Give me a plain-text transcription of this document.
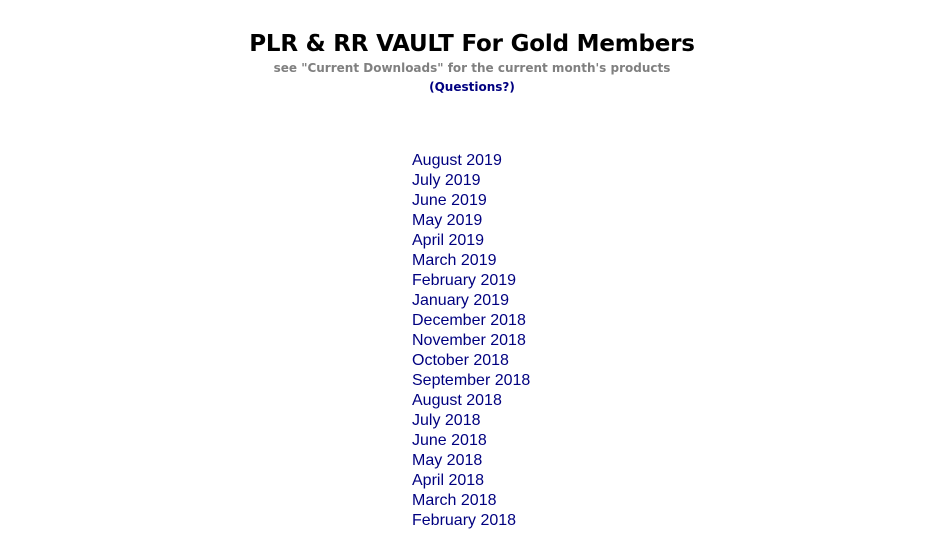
PLR & RR VAULT For Gold Members

see "Current Downloads" for the current month's products

(Questions?)
August 2019
July 2019
June 2019
May 2019
April 2019
March 2019
February 2019
January 2019
December 2018
November 2018
October 2018
September 2018
August 2018
July 2018
June 2018
May 2018
April 2018
March 2018
February 2018
